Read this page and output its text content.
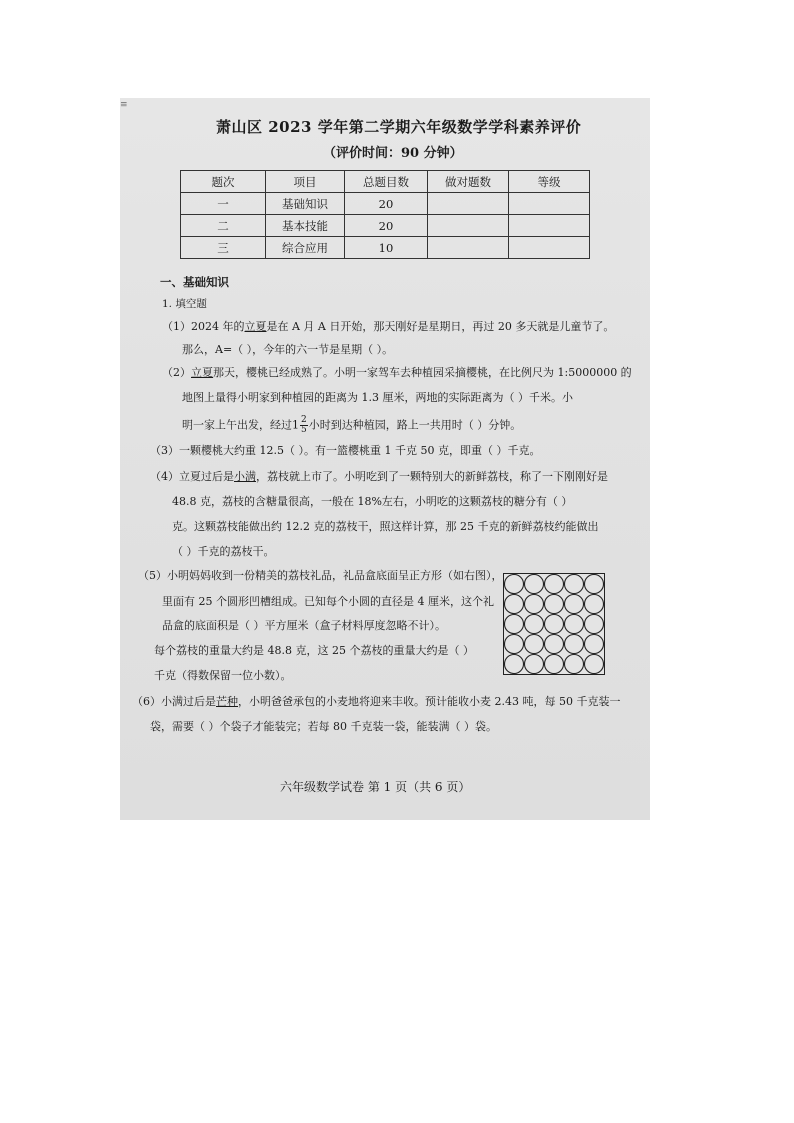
≡
萧山区 2023 学年第二学期六年级数学学科素养评价
（评价时间：90 分钟）
题次	项目	总题目数	做对题数	等级
一	基础知识	20		
二	基本技能	20		
三	综合应用	10		
一、基础知识
1. 填空题
（1）2024 年的立夏是在 A 月 A 日开始，那天刚好是星期日，再过 20 多天就是儿童节了。
那么，A=（ ），今年的六一节是星期（ ）。
（2）立夏那天，樱桃已经成熟了。小明一家驾车去种植园采摘樱桃，在比例尺为 1:5000000 的
地图上量得小明家到种植园的距离为 1.3 厘米，两地的实际距离为（ ）千米。小
明一家上午出发，经过$1 \frac{2}{5}$ 小时到达种植园，路上一共用时（ ）分钟。
（3）一颗樱桃大约重 12.5（ ）。有一篮樱桃重 1 千克 50 克，即重（ ）千克。
（4）立夏过后是小满，荔枝就上市了。小明吃到了一颗特别大的新鲜荔枝，称了一下刚刚好是
48.8 克，荔枝的含糖量很高，一般在 18%左右，小明吃的这颗荔枝的糖分有（ ）
克。这颗荔枝能做出约 12.2 克的荔枝干，照这样计算，那 25 千克的新鲜荔枝约能做出
（ ）千克的荔枝干。
（5）小明妈妈收到一份精美的荔枝礼品，礼品盒底面呈正方形（如右图），
里面有 25 个圆形凹槽组成。已知每个小圆的直径是 4 厘米，这个礼
品盒的底面积是（ ）平方厘米（盒子材料厚度忽略不计）。
每个荔枝的重量大约是 48.8 克，这 25 个荔枝的重量大约是（ ）
千克（得数保留一位小数）。
（6）小满过后是芒种，小明爸爸承包的小麦地将迎来丰收。预计能收小麦 2.43 吨，每 50 千克装一
袋，需要（ ）个袋子才能装完；若每 80 千克装一袋，能装满（ ）袋。
六年级数学试卷 第 1 页（共 6 页）
